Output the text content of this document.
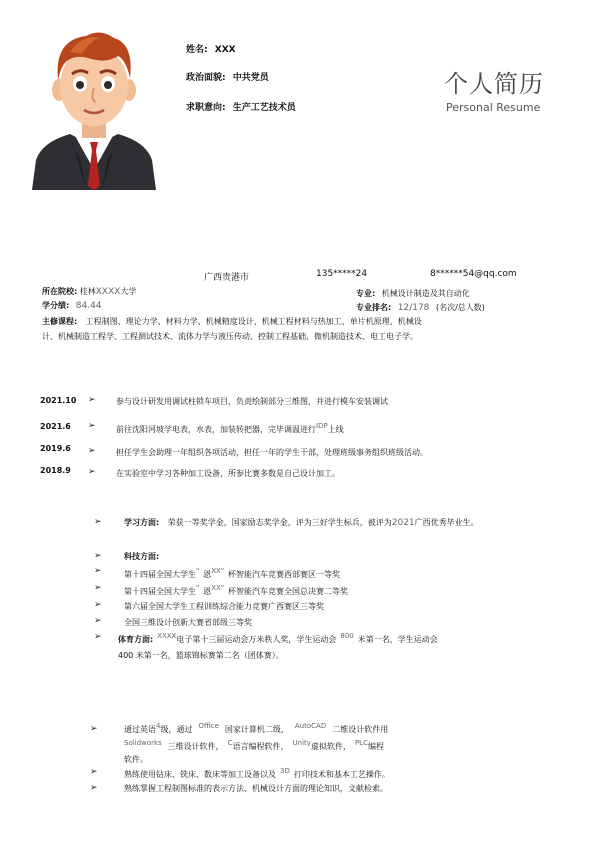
姓名: XXX
政治面貌: 中共党员
求职意向: 生产工艺技术员
个人简历
Personal Resume
广西贵港市	135*****24	8******54@qq.com
所在院校: 桂林XXXX大学	专业: 机械设计制造及其自动化
学分绩: 84.44	专业排名: 12/178 (名次/总人数)
主修课程: 工程制图、理论力学、材料力学、机械精度设计、机械工程材料与热加工、单片机原理、机械设
计、机械制造工程学、工程测试技术、流体力学与液压传动、控制工程基础、微机制造技术、电工电子学。
2021.10 ➢	参与设计研发用调试柱锁车项目，负责绘制部分三维图，并进行模车安装调试
2021.6 ➢	前往沈阳河坡学电表，水表，加装转把器，完毕调温进行IDP上线
2019.6 ➢	担任学生会助理一年组织各项活动，担任一年的学生干部，处理班级事务组织班级活动。
2018.9 ➢	在实验室中学习各种加工设备，所参比赛多数是自己设计加工。
➢	学习方面: 荣获一等奖学金，国家励志奖学金，评为三好学生标兵，被评为2021广西优秀毕业生。
➢	科技方面:
➢	第十四届全国大学生" 恩XX" 杯智能汽车竞赛西部赛区一等奖
➢	第十四届全国大学生" 恩XX" 杯智能汽车竞赛全国总决赛二等奖
➢	第六届全国大学生工程训练综合能力竞赛广西赛区三等奖
➢	全国三维设计创新大赛省部级三等奖
➢ 体育方面: XXXX电子第十三届运动会万米秩人奖，学生运动会 800 米第一名，学生运动会
400 米第一名，篮球锦标赛第二名（团体赛）。
➢	通过英语4级，通过 Office 国家计算机二级， AutoCAD 二维设计软件用
Solidworks 三维设计软件， C语言编程软件， Unity虚拟软件， PLC编程
软件。
➢	熟练使用钻床、铣床、数床等加工设备以及 3D 打印技术和基本工艺操作。
➢	熟练掌握工程制图标准的表示方法、机械设计方面的理论知识，文献检索。
